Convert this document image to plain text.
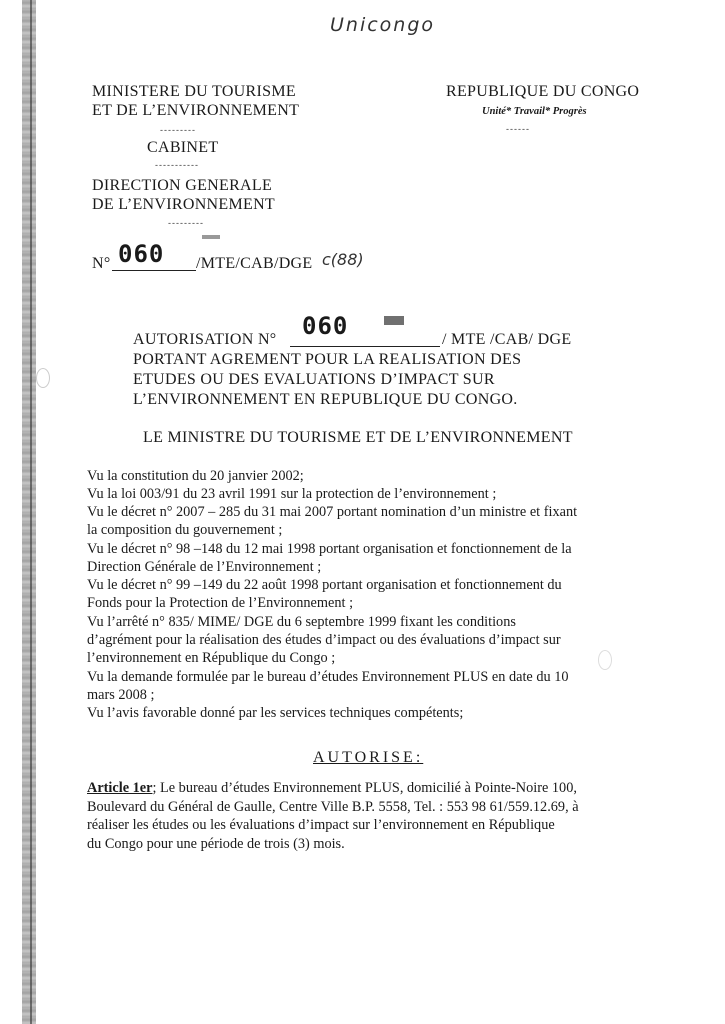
Unicongo
MINISTERE DU TOURISME
ET DE L’ENVIRONNEMENT
---------
CABINET
-----------
DIRECTION GENERALE
DE L’ENVIRONNEMENT
---------
REPUBLIQUE DU CONGO
Unité* Travail* Progrès
------
N° 060 /MTE/CAB/DGE c(88)
AUTORISATION N° 060	/ MTE /CAB/ DGE
PORTANT AGREMENT POUR LA REALISATION DES
ETUDES OU DES EVALUATIONS D’IMPACT SUR
L’ENVIRONNEMENT EN REPUBLIQUE DU CONGO.
LE MINISTRE DU TOURISME ET DE L’ENVIRONNEMENT
Vu la constitution du 20 janvier 2002;
Vu la loi 003/91 du 23 avril 1991 sur la protection de l’environnement ;
Vu le décret n° 2007 – 285 du 31 mai 2007 portant nomination d’un ministre et fixant
la composition du gouvernement ;
Vu le décret n° 98 –148 du 12 mai 1998 portant organisation et fonctionnement de la
Direction Générale de l’Environnement ;
Vu le décret n° 99 –149 du 22 août 1998 portant organisation et fonctionnement du
Fonds pour la Protection de l’Environnement ;
Vu l’arrêté n° 835/ MIME/ DGE du 6 septembre 1999 fixant les conditions
d’agrément pour la réalisation des études d’impact ou des évaluations d’impact sur
l’environnement en République du Congo ;
Vu la demande formulée par le bureau d’études Environnement PLUS en date du 10
mars 2008 ;
Vu l’avis favorable donné par les services techniques compétents;
AUTORISE:
Article 1er; Le bureau d’études Environnement PLUS, domicilié à Pointe-Noire 100,
Boulevard du Général de Gaulle, Centre Ville B.P. 5558, Tel. : 553 98 61/559.12.69, à
réaliser les études ou les évaluations d’impact sur l’environnement en République
du Congo pour une période de trois (3) mois.
